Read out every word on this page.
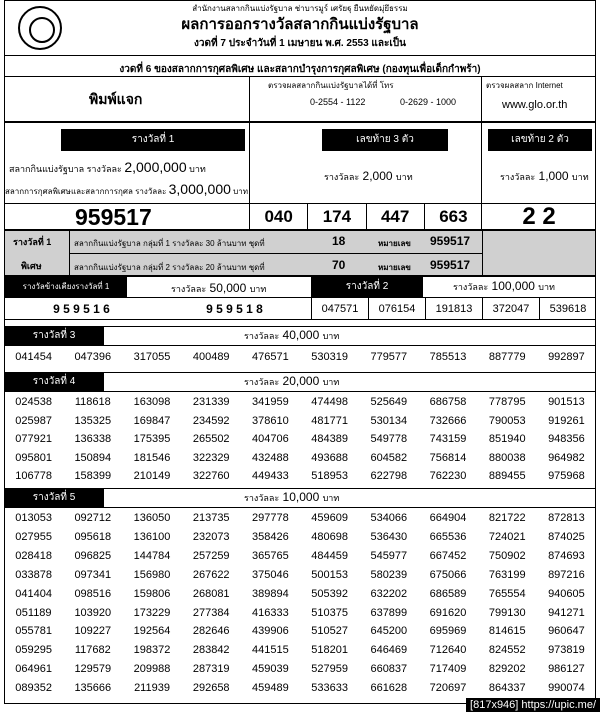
สำนักงานสลากกินแบ่งรัฐบาล ช่าบารมูร์ เศรัยฐุ ยืนหยัดมุ่ยึธรรม
ผลการออกรางวัลสลากกินแบ่งรัฐบาล
งวดที่ 7 ประจำวันที่ 1 เมษายน พ.ศ. 2553 และเป็น
งวดที่ 6 ของสลากการกุศลพิเศษ และสลากบำรุงการกุศลพิเศษ (กองทุนเพื่อเด็กกำพร้า)
พิมพ์แจก
ตรวจผลสลากกินแบ่งรัฐบาลได้ที่ โทร
0-2554 - 1122	0-2629 - 1000
ตรวจผลสลาก Internet
www.glo.or.th
รางวัลที่ 1
สลากกินแบ่งรัฐบาล รางวัลละ 2,000,000 บาท
สลากการกุศลพิเศษและสลากการกุศล รางวัลละ 3,000,000 บาท
959517
เลขท้าย 3 ตัว
รางวัลละ 2,000 บาท
040	174	447	663
เลขท้าย 2 ตัว
รางวัลละ 1,000 บาท
2 2
รางวัลที่ 1
พิเศษ
สลากกินแบ่งรัฐบาล กลุ่มที่ 1 รางวัลละ 30 ล้านบาท ชุดที่	18	หมายเลข 959517
สลากกินแบ่งรัฐบาล กลุ่มที่ 2 รางวัลละ 20 ล้านบาท ชุดที่	70	หมายเลข 959517
รางวัลข้างเคียงรางวัลที่ 1	รางวัลละ 50,000 บาท
9 5 9 5 1 6	9 5 9 5 1 8
รางวัลที่ 2	รางวัลละ 100,000 บาท
047571	076154	191813	372047	539618
รางวัลที่ 3	รางวัลละ 40,000 บาท
041454	047396	317055	400489	476571	530319	779577	785513	887779	992897
รางวัลที่ 4	รางวัลละ 20,000 บาท
024538	118618	163098	231339	341959	474498	525649	686758	778795	901513
025987	135325	169847	234592	378610	481771	530134	732666	790053	919261
077921	136338	175395	265502	404706	484389	549778	743159	851940	948356
095801	150894	181546	322329	432488	493688	604582	756814	880038	964982
106778	158399	210149	322760	449433	518953	622798	762230	889455	975968
รางวัลที่ 5	รางวัลละ 10,000 บาท
013053	092712	136050	213735	297778	459609	534066	664904	821722	872813
027955	095618	136100	232073	358426	480698	536430	665536	724021	874025
028418	096825	144784	257259	365765	484459	545977	667452	750902	874693
033878	097341	156980	267622	375046	500153	580239	675066	763199	897216
041404	098516	159806	268081	389894	505392	632202	686589	765554	940605
051189	103920	173229	277384	416333	510375	637899	691620	799130	941271
055781	109227	192564	282646	439906	510527	645200	695969	814615	960647
059295	117682	198372	283842	441515	518201	646469	712640	824552	973819
064961	129579	209988	287319	459039	527959	660837	717409	829202	986127
089352	135666	211939	292658	459489	533633	661628	720697	864337	990074
[817x946] https://upic.me/
